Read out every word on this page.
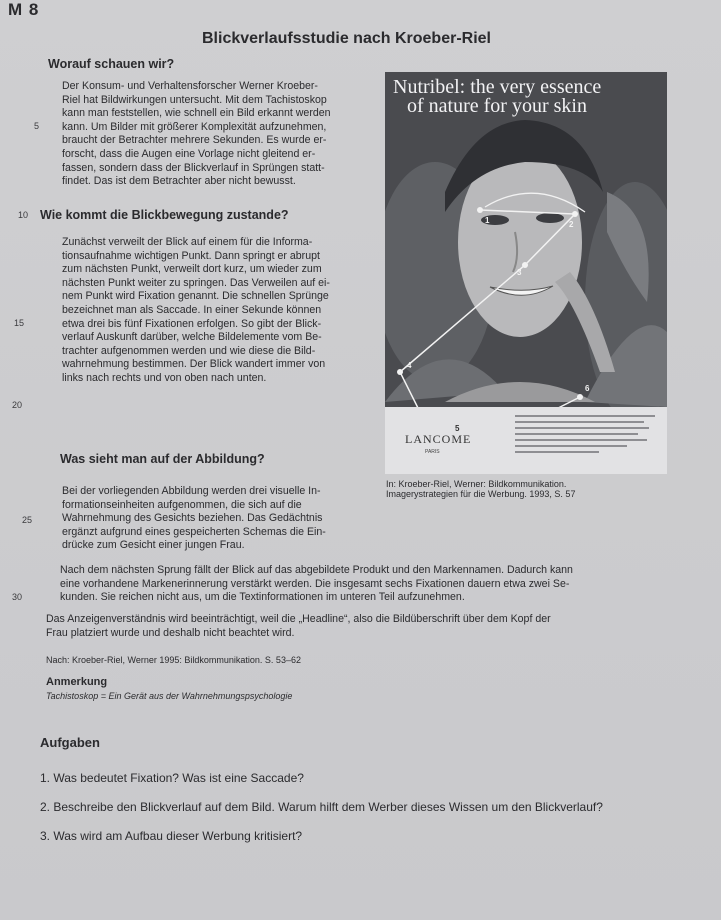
M 8
Blickverlaufsstudie nach Kroeber-Riel
Worauf schauen wir?
Der Konsum- und Verhaltensforscher Werner Kroeber-
Riel hat Bildwirkungen untersucht. Mit dem Tachistoskop
kann man feststellen, wie schnell ein Bild erkannt werden
kann. Um Bilder mit größerer Komplexität aufzunehmen,
braucht der Betrachter mehrere Sekunden. Es wurde er-
forscht, dass die Augen eine Vorlage nicht gleitend er-
fassen, sondern dass der Blickverlauf in Sprüngen statt-
findet. Das ist dem Betrachter aber nicht bewusst.
5
10 Wie kommt die Blickbewegung zustande?
Zunächst verweilt der Blick auf einem für die Informa-
tionsaufnahme wichtigen Punkt. Dann springt er abrupt
zum nächsten Punkt, verweilt dort kurz, um wieder zum
nächsten Punkt weiter zu springen. Das Verweilen auf ei-
nem Punkt wird Fixation genannt. Die schnellen Sprünge
bezeichnet man als Saccade. In einer Sekunde können
etwa drei bis fünf Fixationen erfolgen. So gibt der Blick-
verlauf Auskunft darüber, welche Bildelemente vom Be-
trachter aufgenommen werden und wie diese die Bild-
wahrnehmung bestimmen. Der Blick wandert immer von
links nach rechts und von oben nach unten.
15
20
Nutribel: the very essence
of nature for your skin
1	2
3
4
5
6
LANCOME
PARIS
In: Kroeber-Riel, Werner: Bildkommunikation.
Imagerystrategien für die Werbung. 1993, S. 57
Was sieht man auf der Abbildung?
Bei der vorliegenden Abbildung werden drei visuelle In-
formationseinheiten aufgenommen, die sich auf die
Wahrnehmung des Gesichts beziehen. Das Gedächtnis
ergänzt aufgrund eines gespeicherten Schemas die Ein-
drücke zum Gesicht einer jungen Frau.
25
Nach dem nächsten Sprung fällt der Blick auf das abgebildete Produkt und den Markennamen. Dadurch kann
eine vorhandene Markenerinnerung verstärkt werden. Die insgesamt sechs Fixationen dauern etwa zwei Se-
kunden. Sie reichen nicht aus, um die Textinformationen im unteren Teil aufzunehmen.
30
Das Anzeigenverständnis wird beeinträchtigt, weil die „Headline“, also die Bildüberschrift über dem Kopf der
Frau platziert wurde und deshalb nicht beachtet wird.
Nach: Kroeber-Riel, Werner 1995: Bildkommunikation. S. 53–62
Anmerkung
Tachistoskop = Ein Gerät aus der Wahrnehmungspsychologie
Aufgaben
1. Was bedeutet Fixation? Was ist eine Saccade?
2. Beschreibe den Blickverlauf auf dem Bild. Warum hilft dem Werber dieses Wissen um den Blickverlauf?
3. Was wird am Aufbau dieser Werbung kritisiert?
